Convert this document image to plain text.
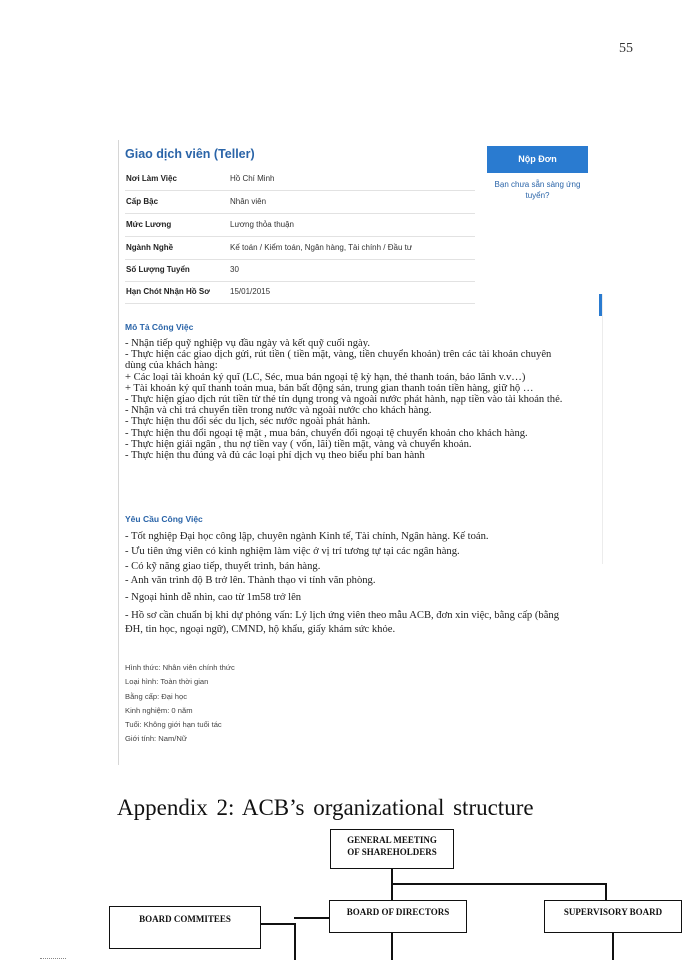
55
Giao dịch viên (Teller)
Nơi Làm Việc	Hồ Chí Minh
Cấp Bậc	Nhân viên
Mức Lương	Lương thỏa thuận
Ngành Nghề	Kế toán / Kiểm toán, Ngân hàng, Tài chính / Đầu tư
Số Lượng Tuyển	30
Hạn Chót Nhận Hồ Sơ	15/01/2015
Nộp Đơn
Bạn chưa sẵn sàng ứng tuyển?
Mô Tả Công Việc
- Nhận tiếp quỹ nghiệp vụ đầu ngày và kết quỹ cuối ngày.
- Thực hiện các giao dịch gửi, rút tiền ( tiền mặt, vàng, tiền chuyển khoản) trên các tài khoản chuyên
dùng của khách hàng:
+ Các loại tài khoản ký quĩ (LC, Séc, mua bán ngoại tệ kỳ hạn, thẻ thanh toán, bảo lãnh v.v…)
+ Tài khoản ký quĩ thanh toán mua, bán bất động sản, trung gian thanh toán tiền hàng, giữ hộ …
- Thực hiện giao dịch rút tiền từ thẻ tín dụng trong và ngoài nước phát hành, nạp tiền vào tài khoản thẻ.
- Nhận và chi trả chuyển tiền trong nước và ngoài nước cho khách hàng.
- Thực hiện thu đổi séc du lịch, séc nước ngoài phát hành.
- Thực hiện thu đổi ngoại tệ mặt , mua bán, chuyển đổi ngoại tệ chuyển khoản cho khách hàng.
- Thực hiện giải ngân , thu nợ tiền vay ( vốn, lãi) tiền mặt, vàng và chuyển khoản.
- Thực hiện thu đúng và đủ các loại phí dịch vụ theo biểu phí ban hành
Yêu Cầu Công Việc
- Tốt nghiệp Đại học công lập, chuyên ngành Kinh tế, Tài chính, Ngân hàng. Kế toán.
- Ưu tiên ứng viên có kinh nghiệm làm việc ở vị trí tương tự tại các ngân hàng.
- Có kỹ năng giao tiếp, thuyết trình, bán hàng.
- Anh văn trình độ B trở lên. Thành thạo vi tính văn phòng.
- Ngoại hình dễ nhìn, cao từ 1m58 trở lên
- Hồ sơ cần chuẩn bị khi dự phỏng vấn: Lý lịch ứng viên theo mẫu ACB, đơn xin việc, bằng cấp (bằng
ĐH, tin học, ngoại ngữ), CMND, hộ khẩu, giấy khám sức khỏe.
Hình thức: Nhân viên chính thức
Loại hình: Toàn thời gian
Bằng cấp: Đại học
Kinh nghiệm: 0 năm
Tuổi: Không giới hạn tuổi tác
Giới tính: Nam/Nữ
Appendix 2: ACB’s organizational structure
GENERAL MEETING
OF SHAREHOLDERS
BOARD OF DIRECTORS	SUPERVISORY BOARD
BOARD COMMITEES
